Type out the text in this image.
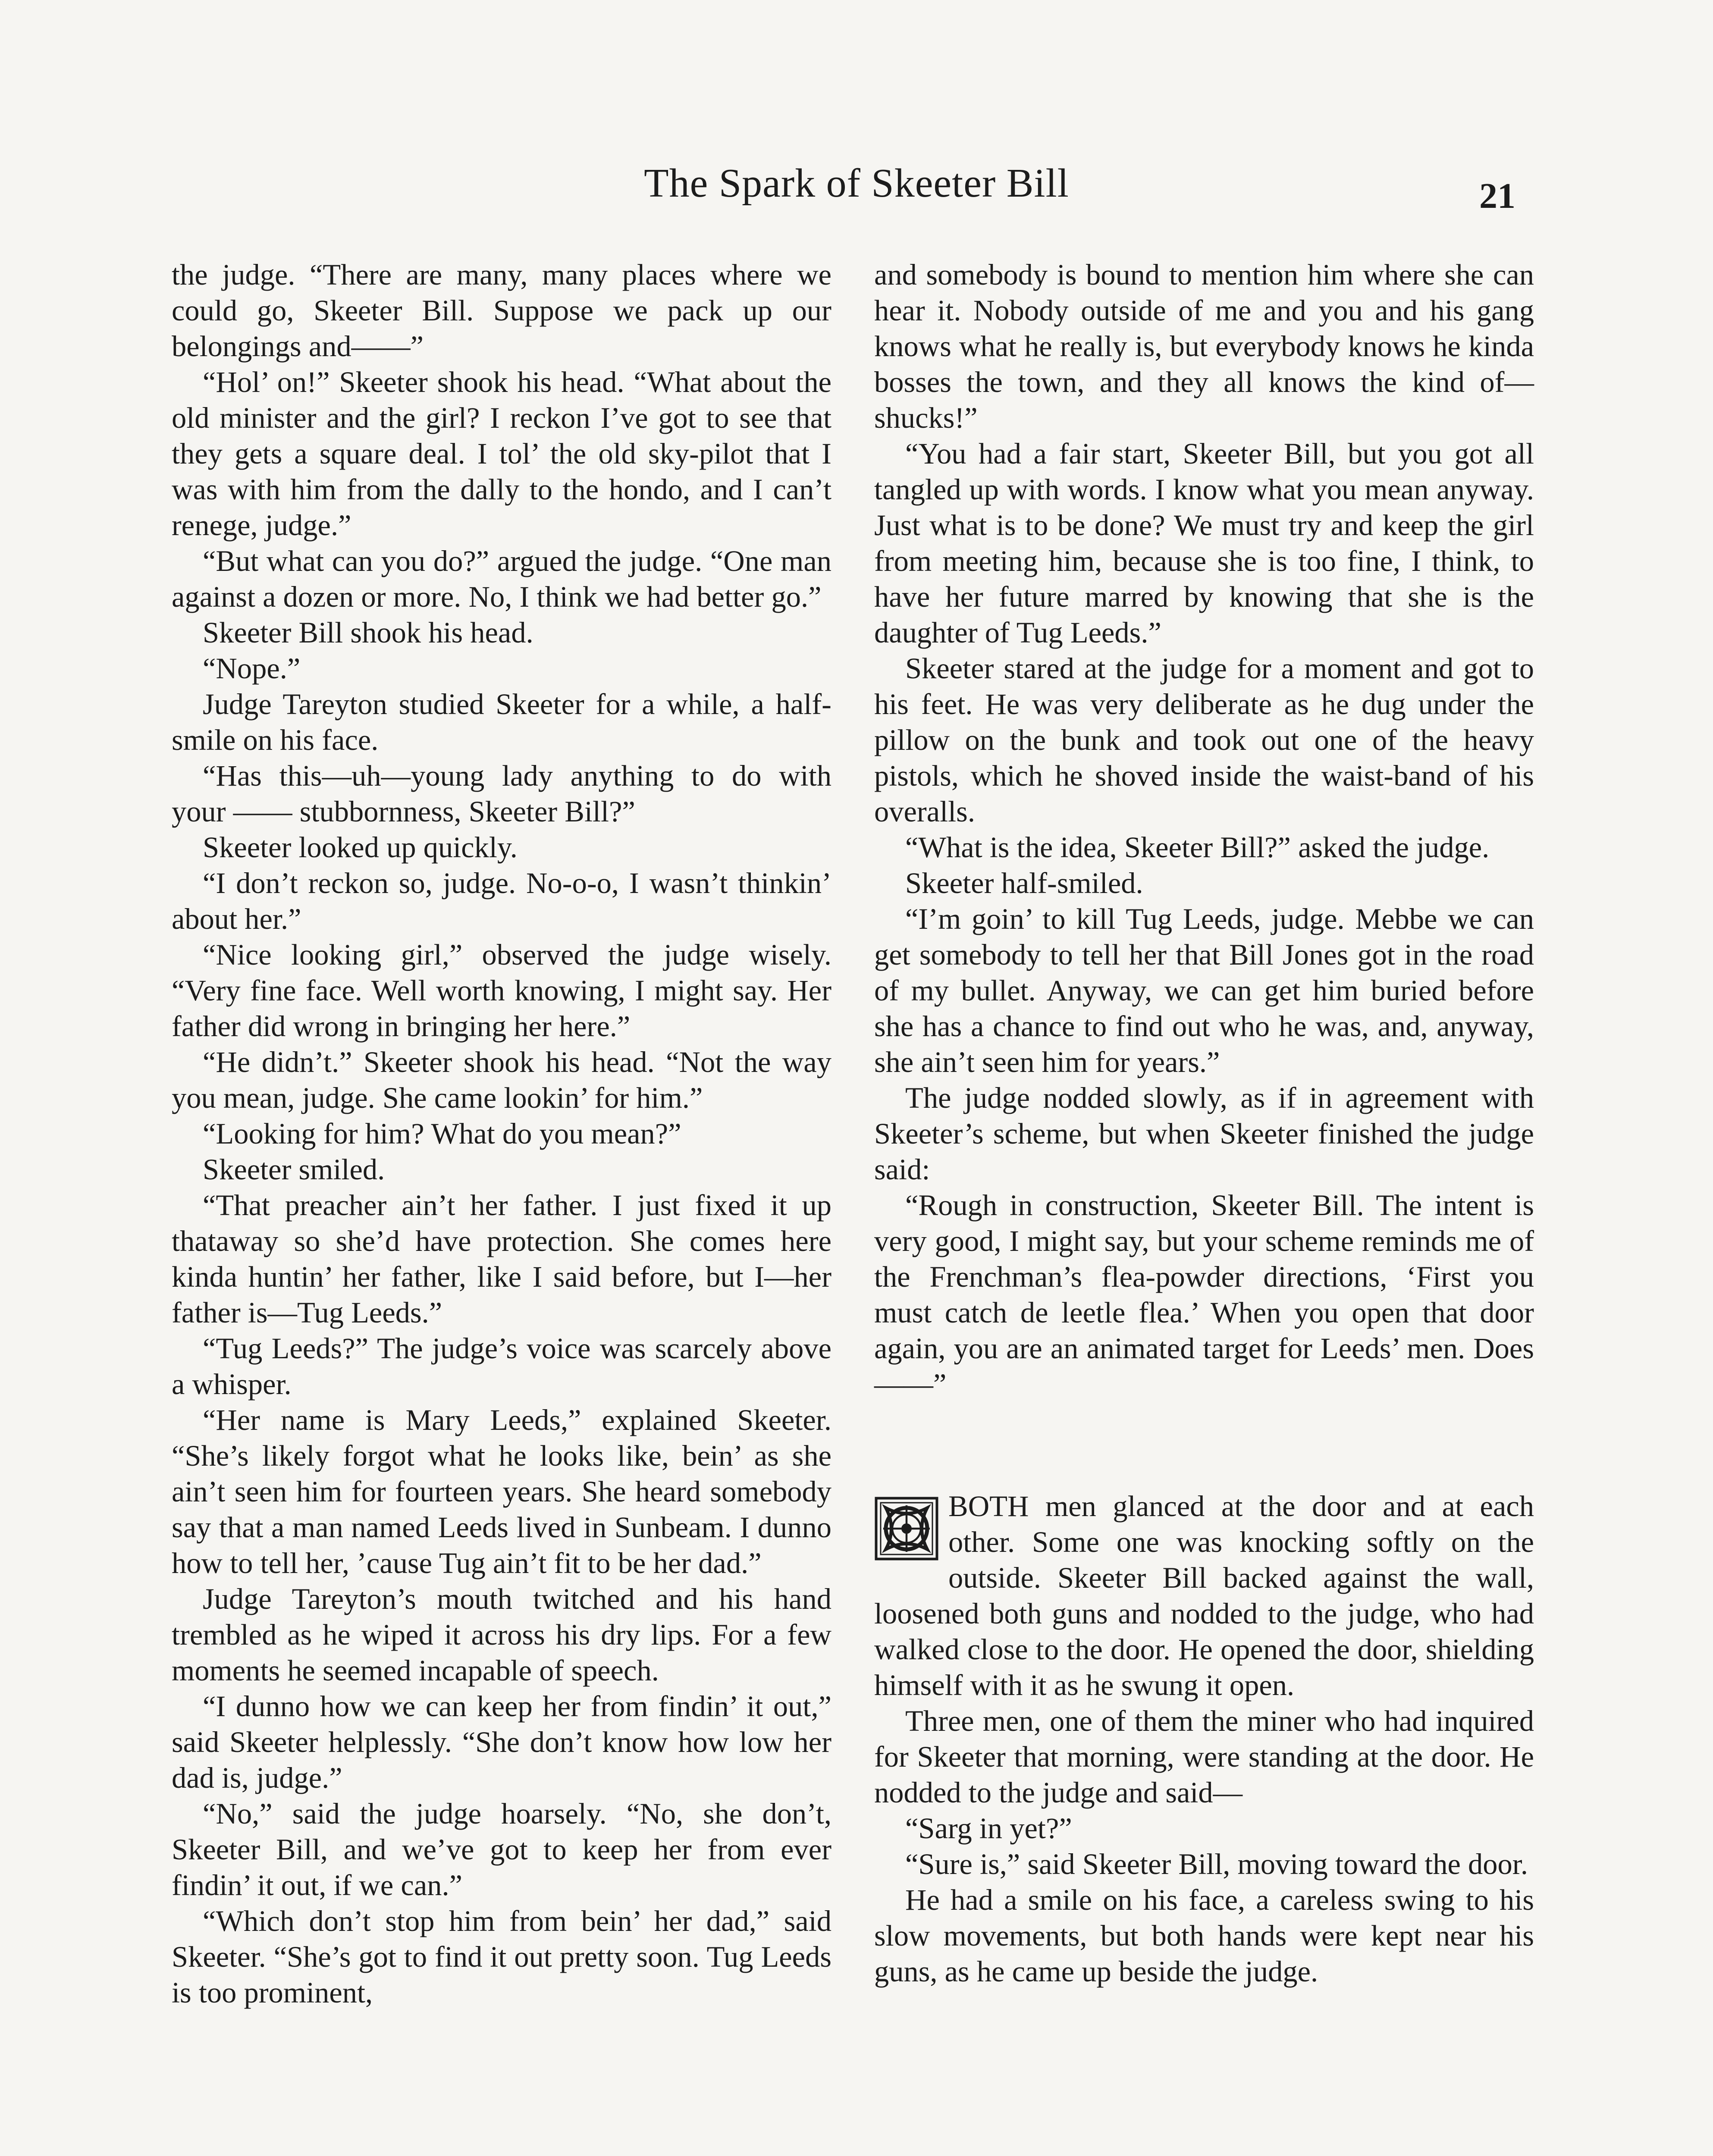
The Spark of Skeeter Bill	21

the judge. “There are many, many places where we could go, Skeeter Bill. Suppose we pack up our belongings and——”

“Hol’ on!” Skeeter shook his head. “What about the old minister and the girl? I reckon I’ve got to see that they gets a square deal. I tol’ the old sky-pilot that I was with him from the dally to the hondo, and I can’t renege, judge.”

“But what can you do?” argued the judge. “One man against a dozen or more. No, I think we had better go.”

Skeeter Bill shook his head.

“Nope.”

Judge Tareyton studied Skeeter for a while, a half-smile on his face.

“Has this—uh—young lady anything to do with your —— stubbornness, Skeeter Bill?”

Skeeter looked up quickly.

“I don’t reckon so, judge. No-o-o, I wasn’t thinkin’ about her.”

“Nice looking girl,” observed the judge wisely. “Very fine face. Well worth knowing, I might say. Her father did wrong in bringing her here.”

“He didn’t.” Skeeter shook his head. “Not the way you mean, judge. She came lookin’ for him.”

“Looking for him? What do you mean?”

Skeeter smiled.

“That preacher ain’t her father. I just fixed it up thataway so she’d have protection. She comes here kinda huntin’ her father, like I said before, but I—her father is—Tug Leeds.”

“Tug Leeds?” The judge’s voice was scarcely above a whisper.

“Her name is Mary Leeds,” explained Skeeter. “She’s likely forgot what he looks like, bein’ as she ain’t seen him for fourteen years. She heard somebody say that a man named Leeds lived in Sunbeam. I dunno how to tell her, ’cause Tug ain’t fit to be her dad.”

Judge Tareyton’s mouth twitched and his hand trembled as he wiped it across his dry lips. For a few moments he seemed incapable of speech.

“I dunno how we can keep her from findin’ it out,” said Skeeter helplessly. “She don’t know how low her dad is, judge.”

“No,” said the judge hoarsely. “No, she don’t, Skeeter Bill, and we’ve got to keep her from ever findin’ it out, if we can.”

“Which don’t stop him from bein’ her dad,” said Skeeter. “She’s got to find it out pretty soon. Tug Leeds is too prominent,

and somebody is bound to mention him where she can hear it. Nobody outside of me and you and his gang knows what he really is, but everybody knows he kinda bosses the town, and they all knows the kind of—shucks!”

“You had a fair start, Skeeter Bill, but you got all tangled up with words. I know what you mean anyway. Just what is to be done? We must try and keep the girl from meeting him, because she is too fine, I think, to have her future marred by knowing that she is the daughter of Tug Leeds.”

Skeeter stared at the judge for a moment and got to his feet. He was very deliberate as he dug under the pillow on the bunk and took out one of the heavy pistols, which he shoved inside the waist-band of his overalls.

“What is the idea, Skeeter Bill?” asked the judge.

Skeeter half-smiled.

“I’m goin’ to kill Tug Leeds, judge. Mebbe we can get somebody to tell her that Bill Jones got in the road of my bullet. Anyway, we can get him buried before she has a chance to find out who he was, and, anyway, she ain’t seen him for years.”

The judge nodded slowly, as if in agreement with Skeeter’s scheme, but when Skeeter finished the judge said:

“Rough in construction, Skeeter Bill. The intent is very good, I might say, but your scheme reminds me of the Frenchman’s flea-powder directions, ‘First you must catch de leetle flea.’ When you open that door again, you are an animated target for Leeds’ men. Does——”

BOTH men glanced at the door and at each other. Some one was knocking softly on the outside. Skeeter Bill backed against the wall, loosened both guns and nodded to the judge, who had walked close to the door. He opened the door, shielding himself with it as he swung it open.

Three men, one of them the miner who had inquired for Skeeter that morning, were standing at the door. He nodded to the judge and said—

“Sarg in yet?”

“Sure is,” said Skeeter Bill, moving toward the door.

He had a smile on his face, a careless swing to his slow movements, but both hands were kept near his guns, as he came up beside the judge.
